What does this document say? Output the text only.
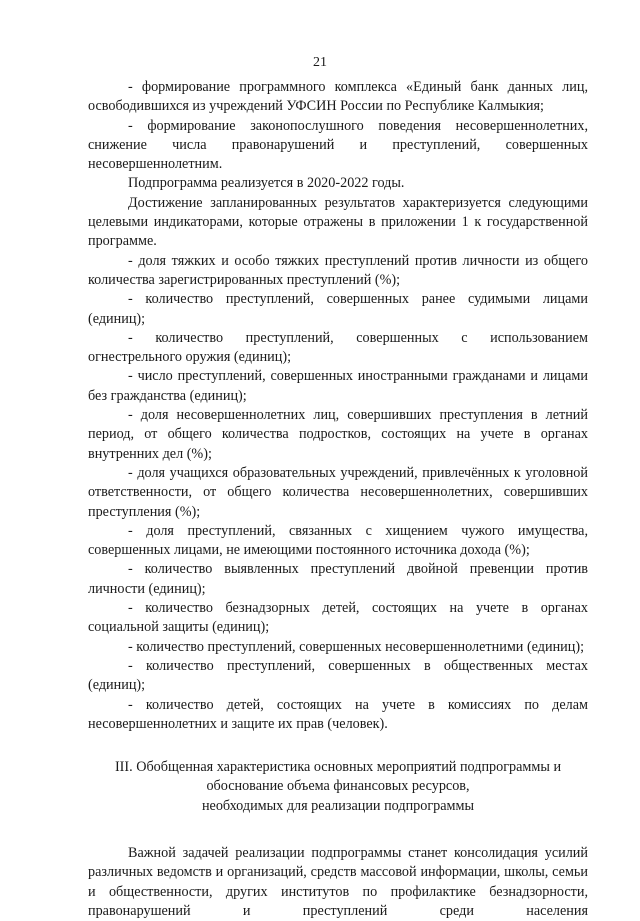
21

- формирование программного комплекса «Единый банк данных лиц, освободившихся из учреждений УФСИН России по Республике Калмыкия;

- формирование законопослушного поведения несовершеннолетних, снижение числа правонарушений и преступлений, совершенных несовершеннолетним.

Подпрограмма реализуется в 2020-2022 годы.

Достижение запланированных результатов характеризуется следующими целевыми индикаторами, которые отражены в приложении 1 к государственной программе.

- доля тяжких и особо тяжких преступлений против личности из общего количества зарегистрированных преступлений (%);

- количество преступлений, совершенных ранее судимыми лицами (единиц);

- количество преступлений, совершенных с использованием огнестрельного оружия (единиц);

- число преступлений, совершенных иностранными гражданами и лицами без гражданства (единиц);

- доля несовершеннолетних лиц, совершивших преступления в летний период, от общего количества подростков, состоящих на учете в органах внутренних дел (%);

- доля учащихся образовательных учреждений, привлечённых к уголовной ответственности, от общего количества несовершеннолетних, совершивших преступления (%);

- доля преступлений, связанных с хищением чужого имущества, совершенных лицами, не имеющими постоянного источника дохода (%);

- количество выявленных преступлений двойной превенции против личности (единиц);

- количество безнадзорных детей, состоящих на учете в органах социальной защиты (единиц);

- количество преступлений, совершенных несовершеннолетними (единиц);

- количество преступлений, совершенных в общественных местах (единиц);

- количество детей, состоящих на учете в комиссиях по делам несовершеннолетних и защите их прав (человек).

III. Обобщенная характеристика основных мероприятий подпрограммы и
обоснование объема финансовых ресурсов,
необходимых для реализации подпрограммы

Важной задачей реализации подпрограммы станет консолидация усилий различных ведомств и организаций, средств массовой информации, школы, семьи и общественности, других институтов по профилактике безнадзорности, правонарушений и преступлений среди населения
